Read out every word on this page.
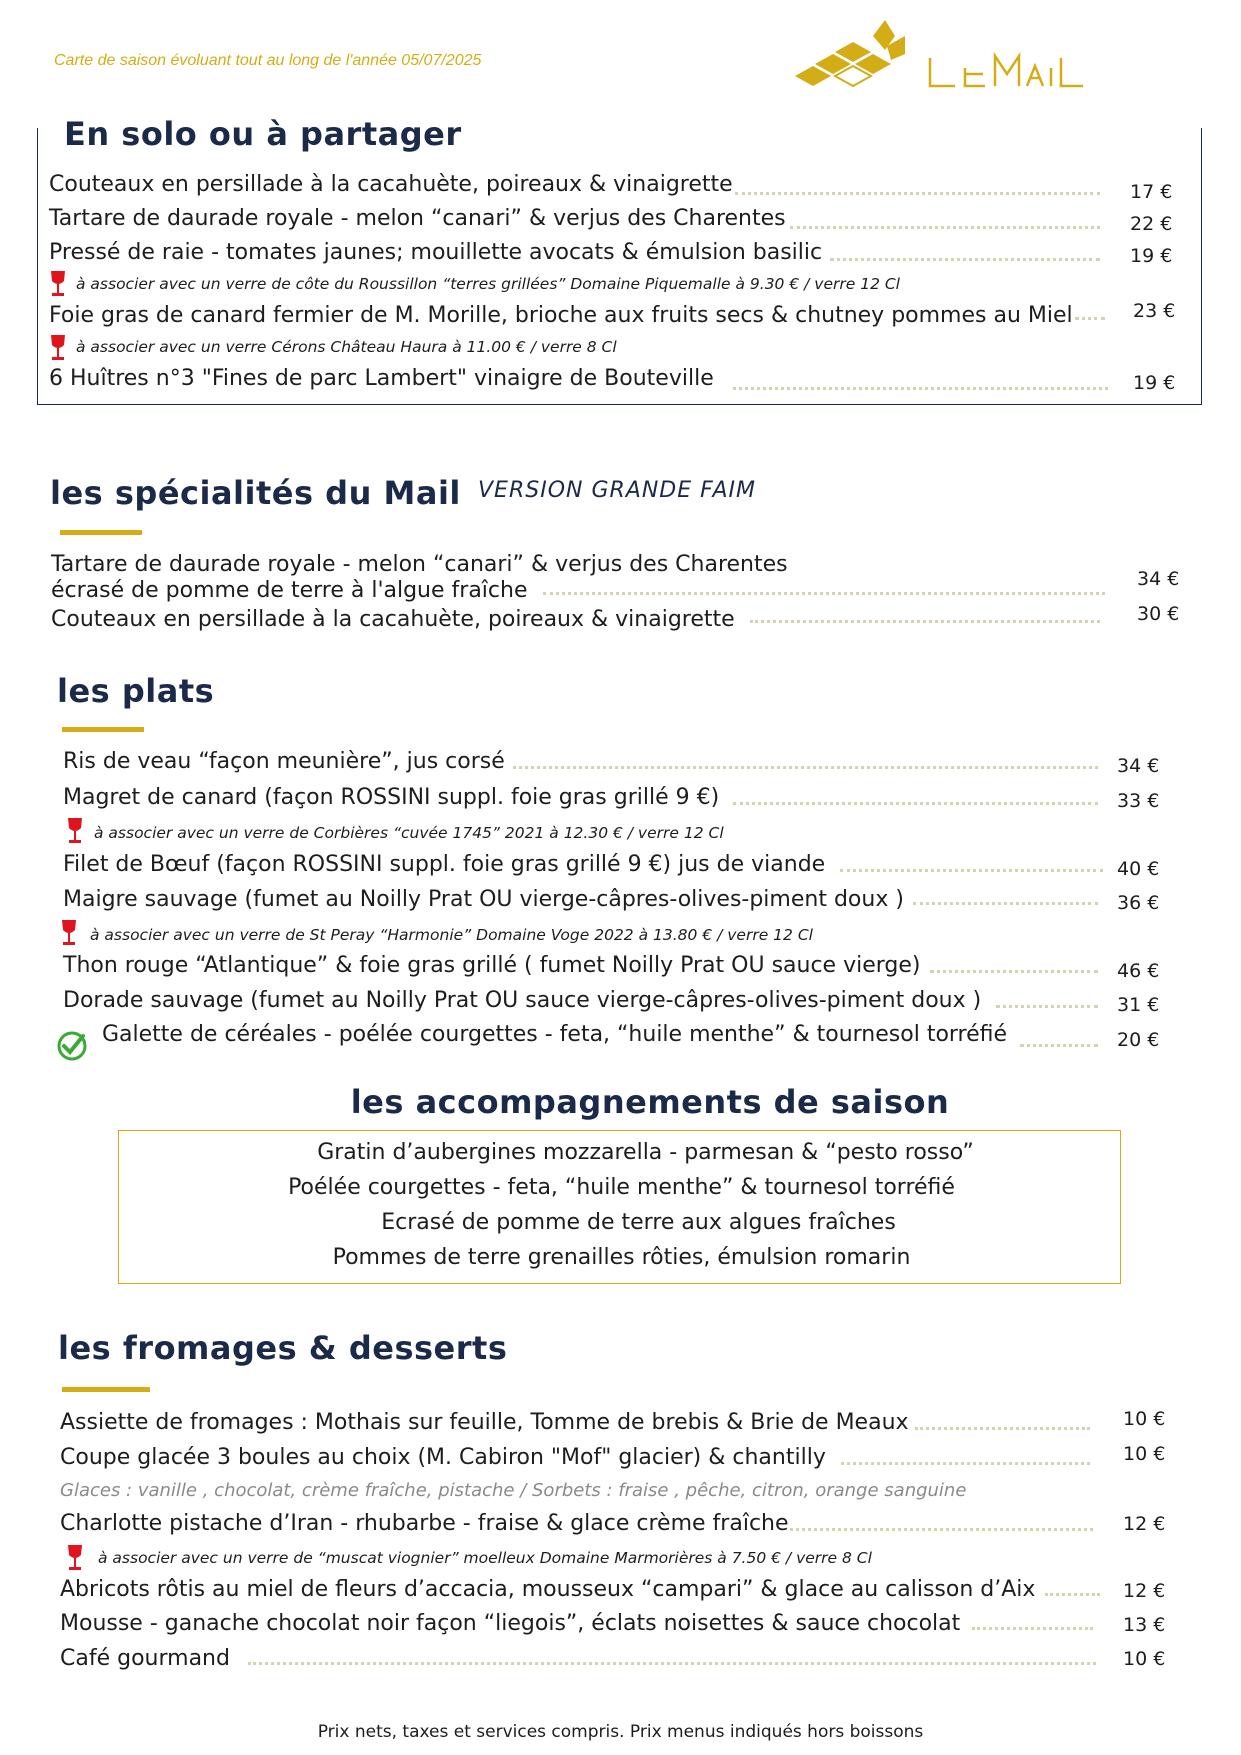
Carte de saison évoluant tout au long de l'année 05/07/2025
En solo ou à partager
Couteaux en persillade à la cacahuète, poireaux & vinaigrette	17 €
Tartare de daurade royale - melon “canari” & verjus des Charentes	22 €
Pressé de raie - tomates jaunes; mouillette avocats & émulsion basilic	19 €
à associer avec un verre de côte du Roussillon “terres grillées” Domaine Piquemalle à 9.30 € / verre 12 Cl
Foie gras de canard fermier de M. Morille, brioche aux fruits secs & chutney pommes au Miel	23 €
à associer avec un verre Cérons Château Haura à 11.00 € / verre 8 Cl
6 Huîtres n°3 "Fines de parc Lambert" vinaigre de Bouteville	19 €
les spécialités du Mail VERSION GRANDE FAIM
Tartare de daurade royale - melon “canari” & verjus des Charentes
écrasé de pomme de terre à l'algue fraîche	34 €
Couteaux en persillade à la cacahuète, poireaux & vinaigrette	30 €
les plats
Ris de veau “façon meunière”, jus corsé	34 €
Magret de canard (façon ROSSINI suppl. foie gras grillé 9 €)	33 €
à associer avec un verre de Corbières “cuvée 1745” 2021 à 12.30 € / verre 12 Cl
Filet de Bœuf (façon ROSSINI suppl. foie gras grillé 9 €) jus de viande	40 €
Maigre sauvage (fumet au Noilly Prat OU vierge-câpres-olives-piment doux )	36 €
à associer avec un verre de St Peray “Harmonie” Domaine Voge 2022 à 13.80 € / verre 12 Cl
Thon rouge “Atlantique” & foie gras grillé ( fumet Noilly Prat OU sauce vierge)	46 €
Dorade sauvage (fumet au Noilly Prat OU sauce vierge-câpres-olives-piment doux )	31 €
Galette de céréales - poélée courgettes - feta, “huile menthe” & tournesol torréfié	20 €
les accompagnements de saison
Gratin d’aubergines mozzarella - parmesan & “pesto rosso”
Poélée courgettes - feta, “huile menthe” & tournesol torréfié
Ecrasé de pomme de terre aux algues fraîches
Pommes de terre grenailles rôties, émulsion romarin
les fromages & desserts
Assiette de fromages : Mothais sur feuille, Tomme de brebis & Brie de Meaux	10 €
Coupe glacée 3 boules au choix (M. Cabiron "Mof" glacier) & chantilly	10 €
Glaces : vanille , chocolat, crème fraîche, pistache / Sorbets : fraise , pêche, citron, orange sanguine
Charlotte pistache d’Iran - rhubarbe - fraise & glace crème fraîche	12 €
à associer avec un verre de “muscat viognier” moelleux Domaine Marmorières à 7.50 € / verre 8 Cl
Abricots rôtis au miel de fleurs d’accacia, mousseux “campari” & glace au calisson d’Aix	12 €
Mousse - ganache chocolat noir façon “liegois”, éclats noisettes & sauce chocolat	13 €
Café gourmand	10 €
Prix nets, taxes et services compris. Prix menus indiqués hors boissons
